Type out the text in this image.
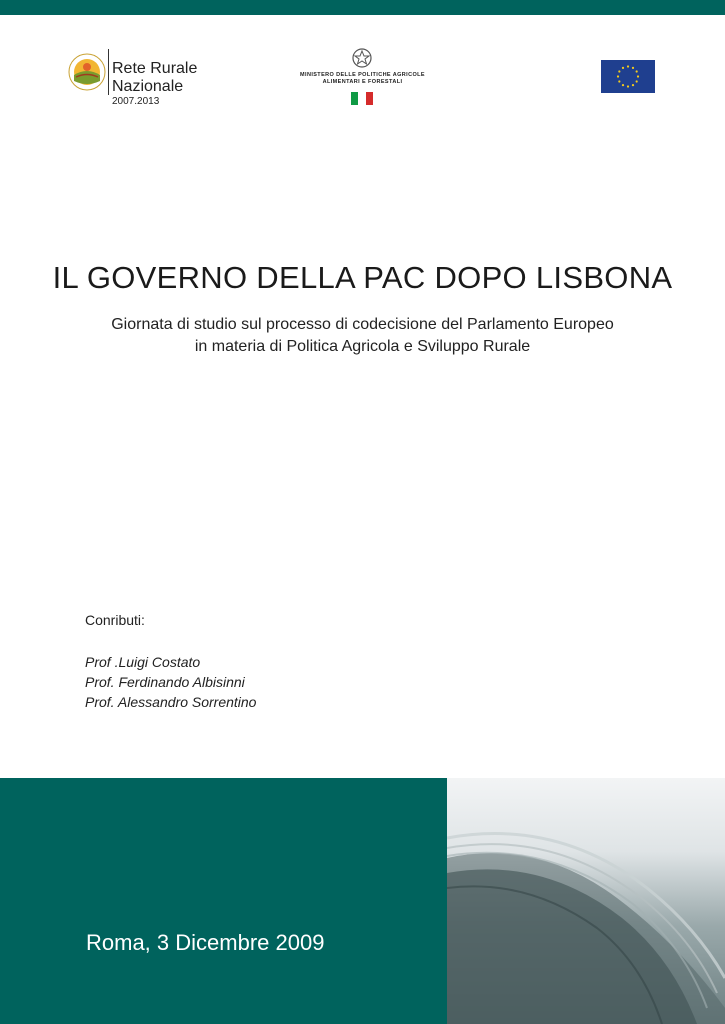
Rete Rurale
Nazionale
2007.2013
MINISTERO DELLE POLITICHE AGRICOLE
ALIMENTARI E FORESTALI
IL GOVERNO DELLA PAC DOPO LISBONA
Giornata di studio sul processo di codecisione del Parlamento Europeo
in materia di Politica Agricola e Sviluppo Rurale
Conributi:
Prof .Luigi Costato
Prof. Ferdinando Albisinni
Prof. Alessandro Sorrentino
Roma, 3 Dicembre 2009
